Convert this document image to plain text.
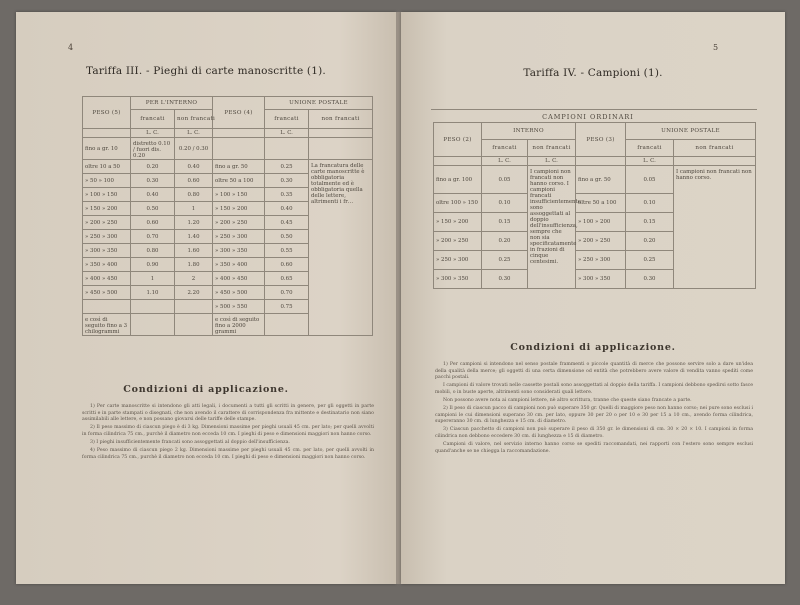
4
Tariffa III. - Pieghi di carte manoscritte (1).
PESO (5)	PER L'INTERNO		PESO (4)	UNIONE POSTALE	
	francati	non francati		francati	non francati
	L. C.	L. C.		L. C.	
fino a gr. 10	distretto 0.10 / fuori dis. 0.20	0.20 / 0.30			
oltre 10 a 50	0.20	0.40	fino a gr. 50	0.25	La francatura delle carte manoscritte è obbligatoria totalmente ed è obbligatoria quella delle lettere, altrimenti i fr…
» 50 » 100	0.30	0.60	oltre 50 a 100	0.30	
» 100 » 150	0.40	0.80	» 100 » 150	0.35	
» 150 » 200	0.50	1	» 150 » 200	0.40	
» 200 » 250	0.60	1.20	» 200 » 250	0.45	
» 250 » 300	0.70	1.40	» 250 » 300	0.50	
» 300 » 350	0.80	1.60	» 300 » 350	0.55	
» 350 » 400	0.90	1.80	» 350 » 400	0.60	
» 400 » 450	1	2	» 400 » 450	0.65	
» 450 » 500	1.10	2.20	» 450 » 500	0.70	
			» 500 » 550	0.75	
e così di seguito fino a 3 chilogrammi			e così di seguito fino a 2000 grammi		
Condizioni di applicazione.

1) Per carte manoscritte si intendono gli atti legali, i documenti a tutti gli scritti in genere, per gli oggetti in parte scritti e in parte stampati o disegnati, che non avendo il carattere di corrispondenza fra mittente e destinatario non siano assimilabili alle lettere, e non possano giovarsi delle tariffe delle stampe.

2) Il peso massimo di ciascun piego è di 3 kg. Dimensioni massime per pieghi usuali 45 cm. per lato; per quelli avvolti in forma cilindrica 75 cm., purchè il diametro non ecceda 10 cm. I pieghi di peso e dimensioni maggiori non hanno corso.

3) I pieghi insufficientemente francati sono assoggettati al doppio dell'insufficienza.

4) Peso massimo di ciascun piego 2 kg. Dimensioni massime per pieghi usuali 45 cm. per lato, per quelli avvolti in forma cilindrica 75 cm., purchè il diametro non ecceda 10 cm. I pieghi di peso e dimensioni maggiori non hanno corso.

5
Tariffa IV. - Campioni (1).
CAMPIONI ORDINARI
PESO (2)	INTERNO		PESO (3)	UNIONE POSTALE	
	francati	non francati		francati	non francati
	L. C.	L. C.		L. C.	
fino a gr. 100	0.05	I campioni non francati non hanno corso. I campioni francati insufficientemente sono assoggettati al doppio dell'insufficienza, sempre che non sia specificatamente in frazioni di cinque centesimi.	fino a gr. 50	0.05	I campioni non francati non hanno corso.
oltre 100 » 150	0.10		oltre 50 a 100	0.10	
» 150 » 200	0.15		» 100 » 200	0.15	
» 200 » 250	0.20		» 200 » 250	0.20	
» 250 » 300	0.25		» 250 » 300	0.25	
» 300 » 350	0.30		» 300 » 350	0.30	
Condizioni di applicazione.

1) Per campioni si intendono nel senso postale frammenti o piccole quantità di merce che possono servire solo a dare un'idea della qualità della merce; gli oggetti di una certa dimensione od entità che potrebbero avere valore di vendita vanno spediti come pacchi postali.

I campioni di valore trovati nelle cassette postali sono assoggettati al doppio della tariffa. I campioni debbono spedirsi sotto fasce mobili, o in buste aperte, altrimenti sono considerati quali lettere.

Non possono avere nota ai campioni lettere, nè altro scrittura, tranne che queste siano francate a parte.

2) Il peso di ciascun pacco di campioni non può superare 350 gr. Quelli di maggiore peso non hanno corso; nei pure sono esclusi i campioni le cui dimensioni superano 30 cm. per lato, oppure 30 per 20 o per 10 e 30 per 15 a 10 cm., avendo forma cilindrica, supereranno 30 cm. di lunghezza e 15 cm. di diametro.

3) Ciascun pacchetto di campioni non può superare il peso di 350 gr. le dimensioni di cm. 30 × 20 × 10. I campioni in forma cilindrica non debbono eccedere 30 cm. di lunghezza e 15 di diametro.

Campioni di valore, nel servizio interno hanno corso se spediti raccomandati, nei rapporti con l'estero sono sempre esclusi quand'anche se ne chiegga la raccomandazione.
